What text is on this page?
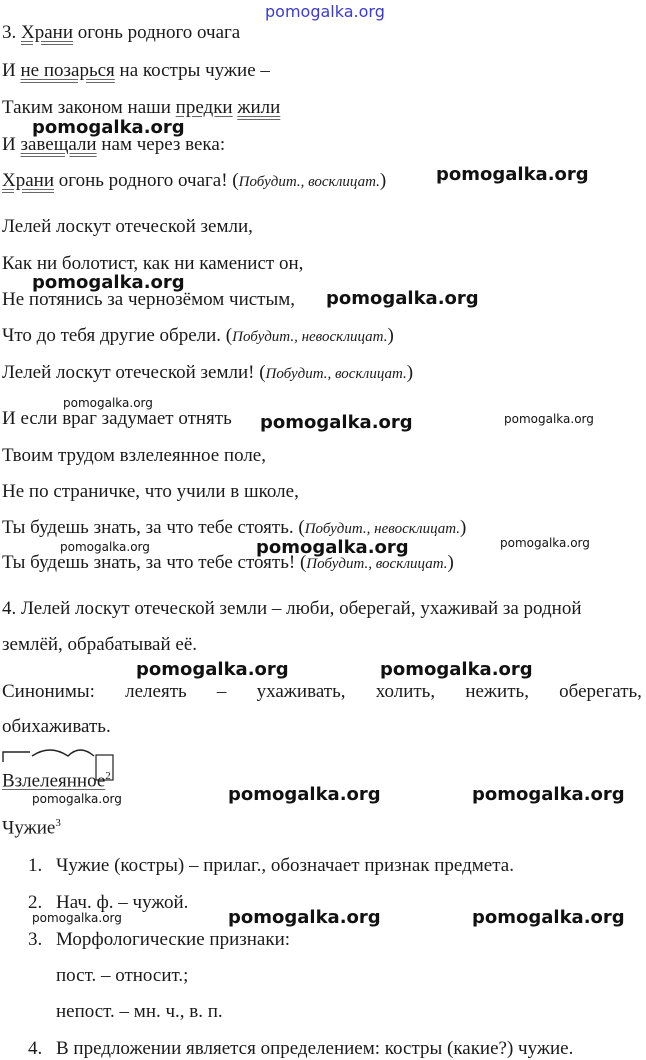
pomogalka.org
3. Храни огонь родного очага
И не позарься на костры чужие –
Таким законом наши предки жили
И завещали нам через века:
Храни огонь родного очага! (Побудит., восклицат.)
Лелей лоскут отеческой земли,
Как ни болотист, как ни каменист он,
Не потянись за чернозёмом чистым,
Что до тебя другие обрели. (Побудит., невосклицат.)
Лелей лоскут отеческой земли! (Побудит., восклицат.)
И если враг задумает отнять
Твоим трудом взлелеянное поле,
Не по страничке, что учили в школе,
Ты будешь знать, за что тебе стоять. (Побудит., невосклицат.)
Ты будешь знать, за что тебе стоять! (Побудит., восклицат.)
4. Лелей лоскут отеческой земли – люби, оберегай, ухаживай за родной
землёй, обрабатывай её.
Синонимы: лелеять – ухаживать, холить, нежить, оберегать,
обихаживать.
Взлелеянное$^2$
Чужие$^3$
1. Чужие (костры) – прилаг., обозначает признак предмета.
2. Нач. ф. – чужой.
3. Морфологические признаки:
пост. – относит.;
непост. – мн. ч., в. п.
4. В предложении является определением: костры (какие?) чужие.
pomogalka.org
pomogalka.org
pomogalka.org
pomogalka.org
pomogalka.org
pomogalka.org	pomogalka.org
pomogalka.org	pomogalka.org	pomogalka.org
pomogalka.org	pomogalka.org
pomogalka.org	pomogalka.org	pomogalka.org
pomogalka.org	pomogalka.org	pomogalka.org
